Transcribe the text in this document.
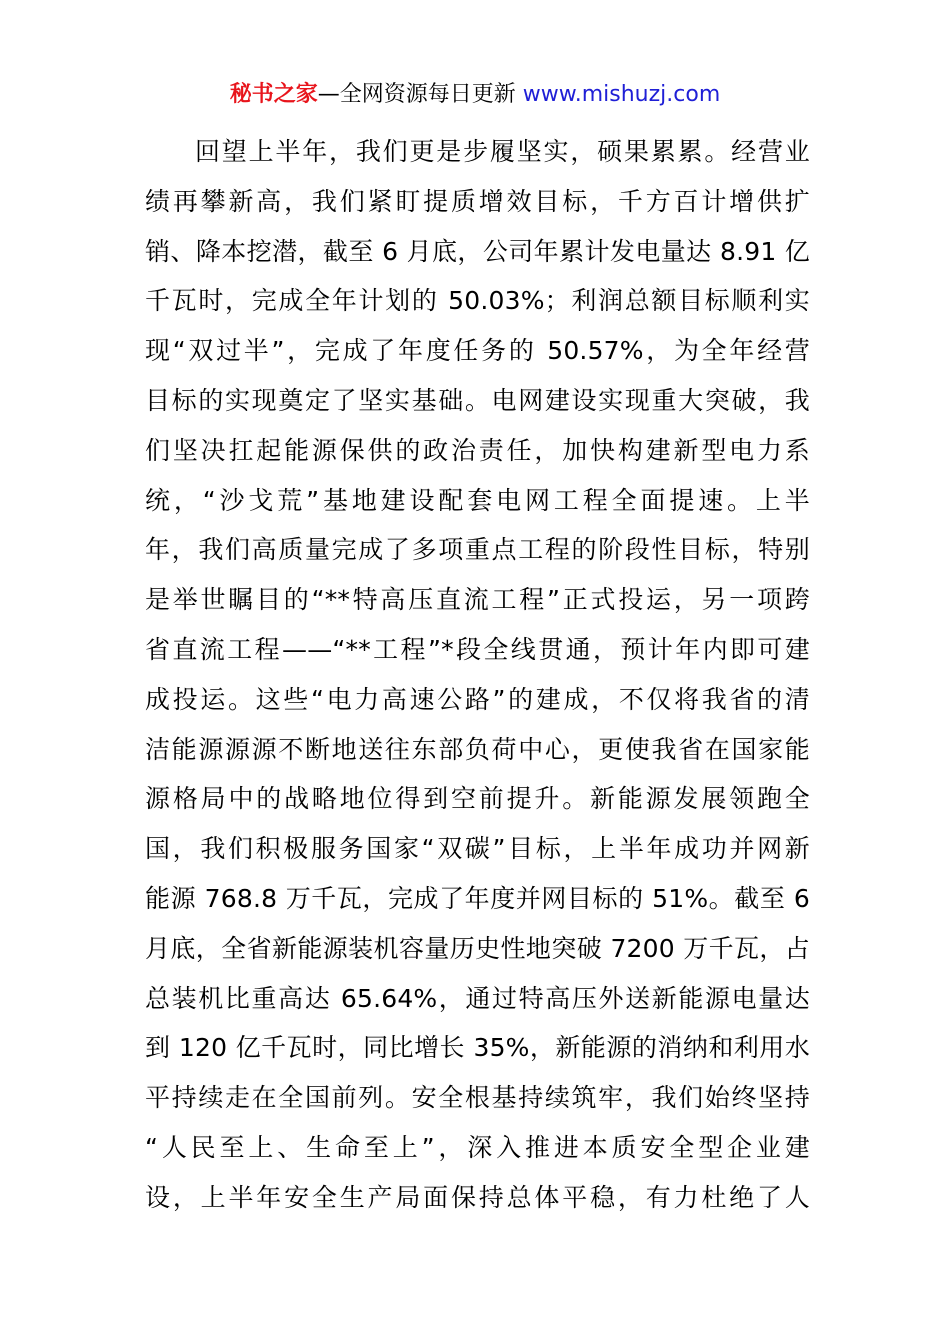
秘书之家—全网资源每日更新 www.mishuzj.com
回望上半年，我们更是步履坚实，硕果累累。经营业
绩再攀新高，我们紧盯提质增效目标，千方百计增供扩
销、降本挖潜，截至 6 月底，公司年累计发电量达 8.91 亿
千瓦时，完成全年计划的 50.03%；利润总额目标顺利实
现“双过半”，完成了年度任务的 50.57%，为全年经营
目标的实现奠定了坚实基础。电网建设实现重大突破，我
们坚决扛起能源保供的政治责任，加快构建新型电力系
统，“沙戈荒”基地建设配套电网工程全面提速。上半
年，我们高质量完成了多项重点工程的阶段性目标，特别
是举世瞩目的“**特高压直流工程”正式投运，另一项跨
省直流工程——“**工程”*段全线贯通，预计年内即可建
成投运。这些“电力高速公路”的建成，不仅将我省的清
洁能源源源不断地送往东部负荷中心，更使我省在国家能
源格局中的战略地位得到空前提升。新能源发展领跑全
国，我们积极服务国家“双碳”目标，上半年成功并网新
能源 768.8 万千瓦，完成了年度并网目标的 51%。截至 6
月底，全省新能源装机容量历史性地突破 7200 万千瓦，占
总装机比重高达 65.64%，通过特高压外送新能源电量达
到 120 亿千瓦时，同比增长 35%，新能源的消纳和利用水
平持续走在全国前列。安全根基持续筑牢，我们始终坚持
“人民至上、生命至上”，深入推进本质安全型企业建
设，上半年安全生产局面保持总体平稳，有力杜绝了人
